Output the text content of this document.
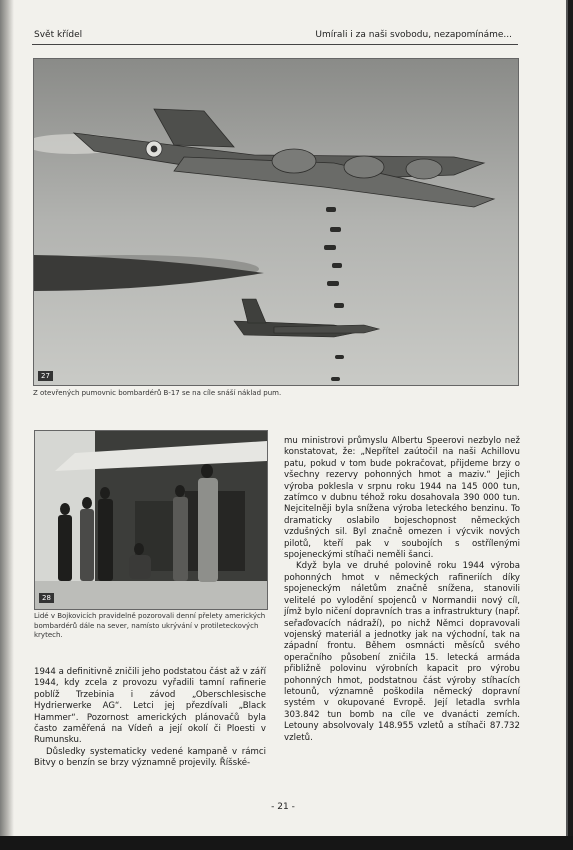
Svět křídel	Umírali i za naši svobodu, nezapomínáme...
27
Z otevřených pumovnic bombardérů B-17 se na cíle snáší náklad pum.
28
Lidé v Bojkovicích pravidelně pozorovali denní přelety amerických bombardérů dále na sever, namísto ukrývání v protileteckových krytech.

1944 a definitivně zničili jeho podstatou část až v září 1944, kdy zcela z provozu vyřadili tamní rafinerie poblíž Trzebinia i závod „Oberschlesische Hydrierwerke AG“. Letci jej přezdívali „Black Hammer“. Pozornost amerických plánovačů byla často zaměřená na Vídeň a její okolí či Ploesti v Rumunsku.

Důsledky systematicky vedené kampaně v rámci Bitvy o benzín se brzy významně projevily. Říšské-

mu ministrovi průmyslu Albertu Speerovi nezbylo než konstatovat, že: „Nepřítel zaútočil na naši Achillovu patu, pokud v tom bude pokračovat, přijdeme brzy o všechny rezervy pohonných hmot a maziv.“ Jejich výroba poklesla v srpnu roku 1944 na 145 000 tun, zatímco v dubnu téhož roku dosahovala 390 000 tun. Nejcitelněji byla snížena výroba leteckého benzinu. To dramaticky oslabilo bojeschopnost německých vzdušných sil. Byl značně omezen i výcvik nových pilotů, kteří pak v soubojích s ostřílenými spojeneckými stíhači neměli šanci.

Když byla ve druhé polovině roku 1944 výroba pohonných hmot v německých rafineriích díky spojeneckým náletům značně snížena, stanovili velitelé po vylodění spojenců v Normandii nový cíl, jímž bylo ničení dopravních tras a infrastruktury (např. seřaďovacích nádraží), po nichž Němci dopravovali vojenský materiál a jednotky jak na východní, tak na západní frontu. Během osmnácti měsíců svého operačního působení zničila 15. letecká armáda přibližně polovinu výrobních kapacit pro výrobu pohonných hmot, podstatnou část výroby stíhacích letounů, významně poškodila německý dopravní systém v okupované Evropě. Její letadla svrhla 303.842 tun bomb na cíle ve dvanácti zemích. Letouny absolvovaly 148.955 vzletů a stíhači 87.732 vzletů.

- 21 -
